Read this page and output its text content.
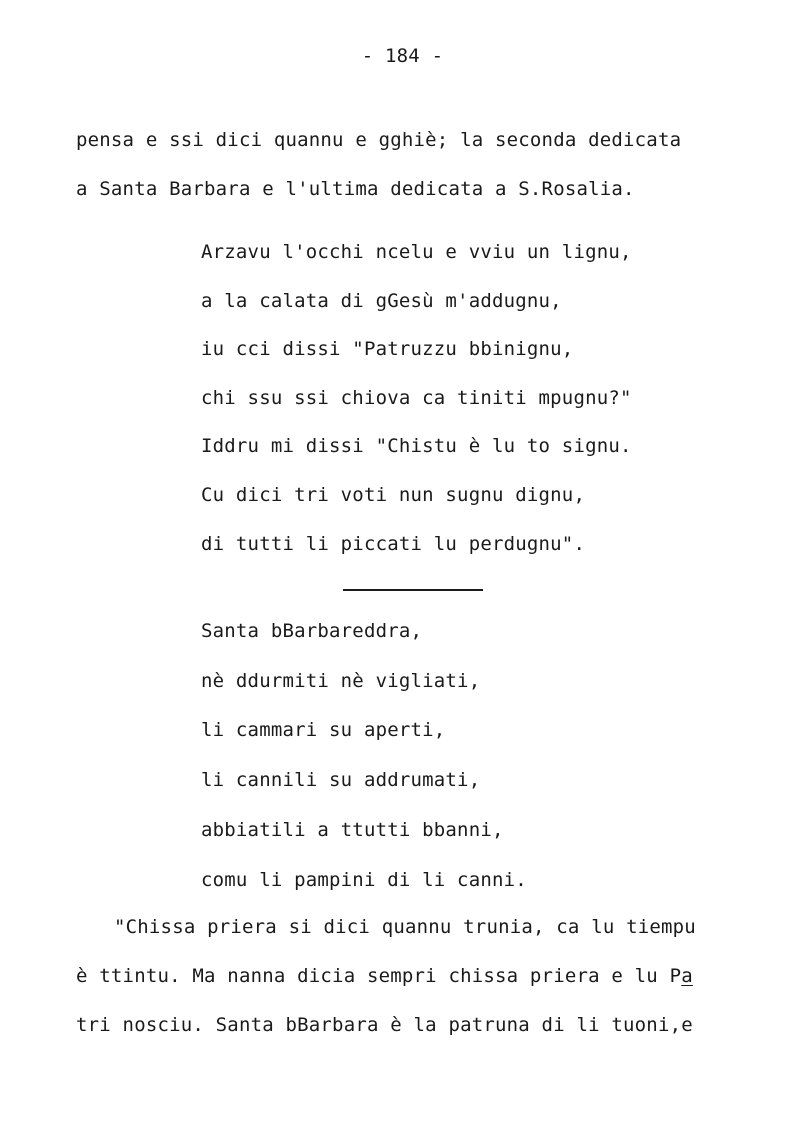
- 184 -
pensa e ssi dici quannu e gghiè; la seconda dedicata
a Santa Barbara e l'ultima dedicata a S.Rosalia.
Arzavu l'occhi ncelu e vviu un lignu,
a la calata di gGesù m'addugnu,
iu cci dissi "Patruzzu bbinignu,
chi ssu ssi chiova ca tiniti mpugnu?"
Iddru mi dissi "Chistu è lu to signu.
Cu dici tri voti nun sugnu dignu,
di tutti li piccati lu perdugnu".
Santa bBarbareddra,
nè ddurmiti nè vigliati,
li cammari su aperti,
li cannili su addrumati,
abbiatili a ttutti bbanni,
comu li pampini di li canni.
"Chissa priera si dici quannu trunia, ca lu tiempu
è ttintu. Ma nanna dicia sempri chissa priera e lu Pa
tri nosciu. Santa bBarbara è la patruna di li tuoni,e
